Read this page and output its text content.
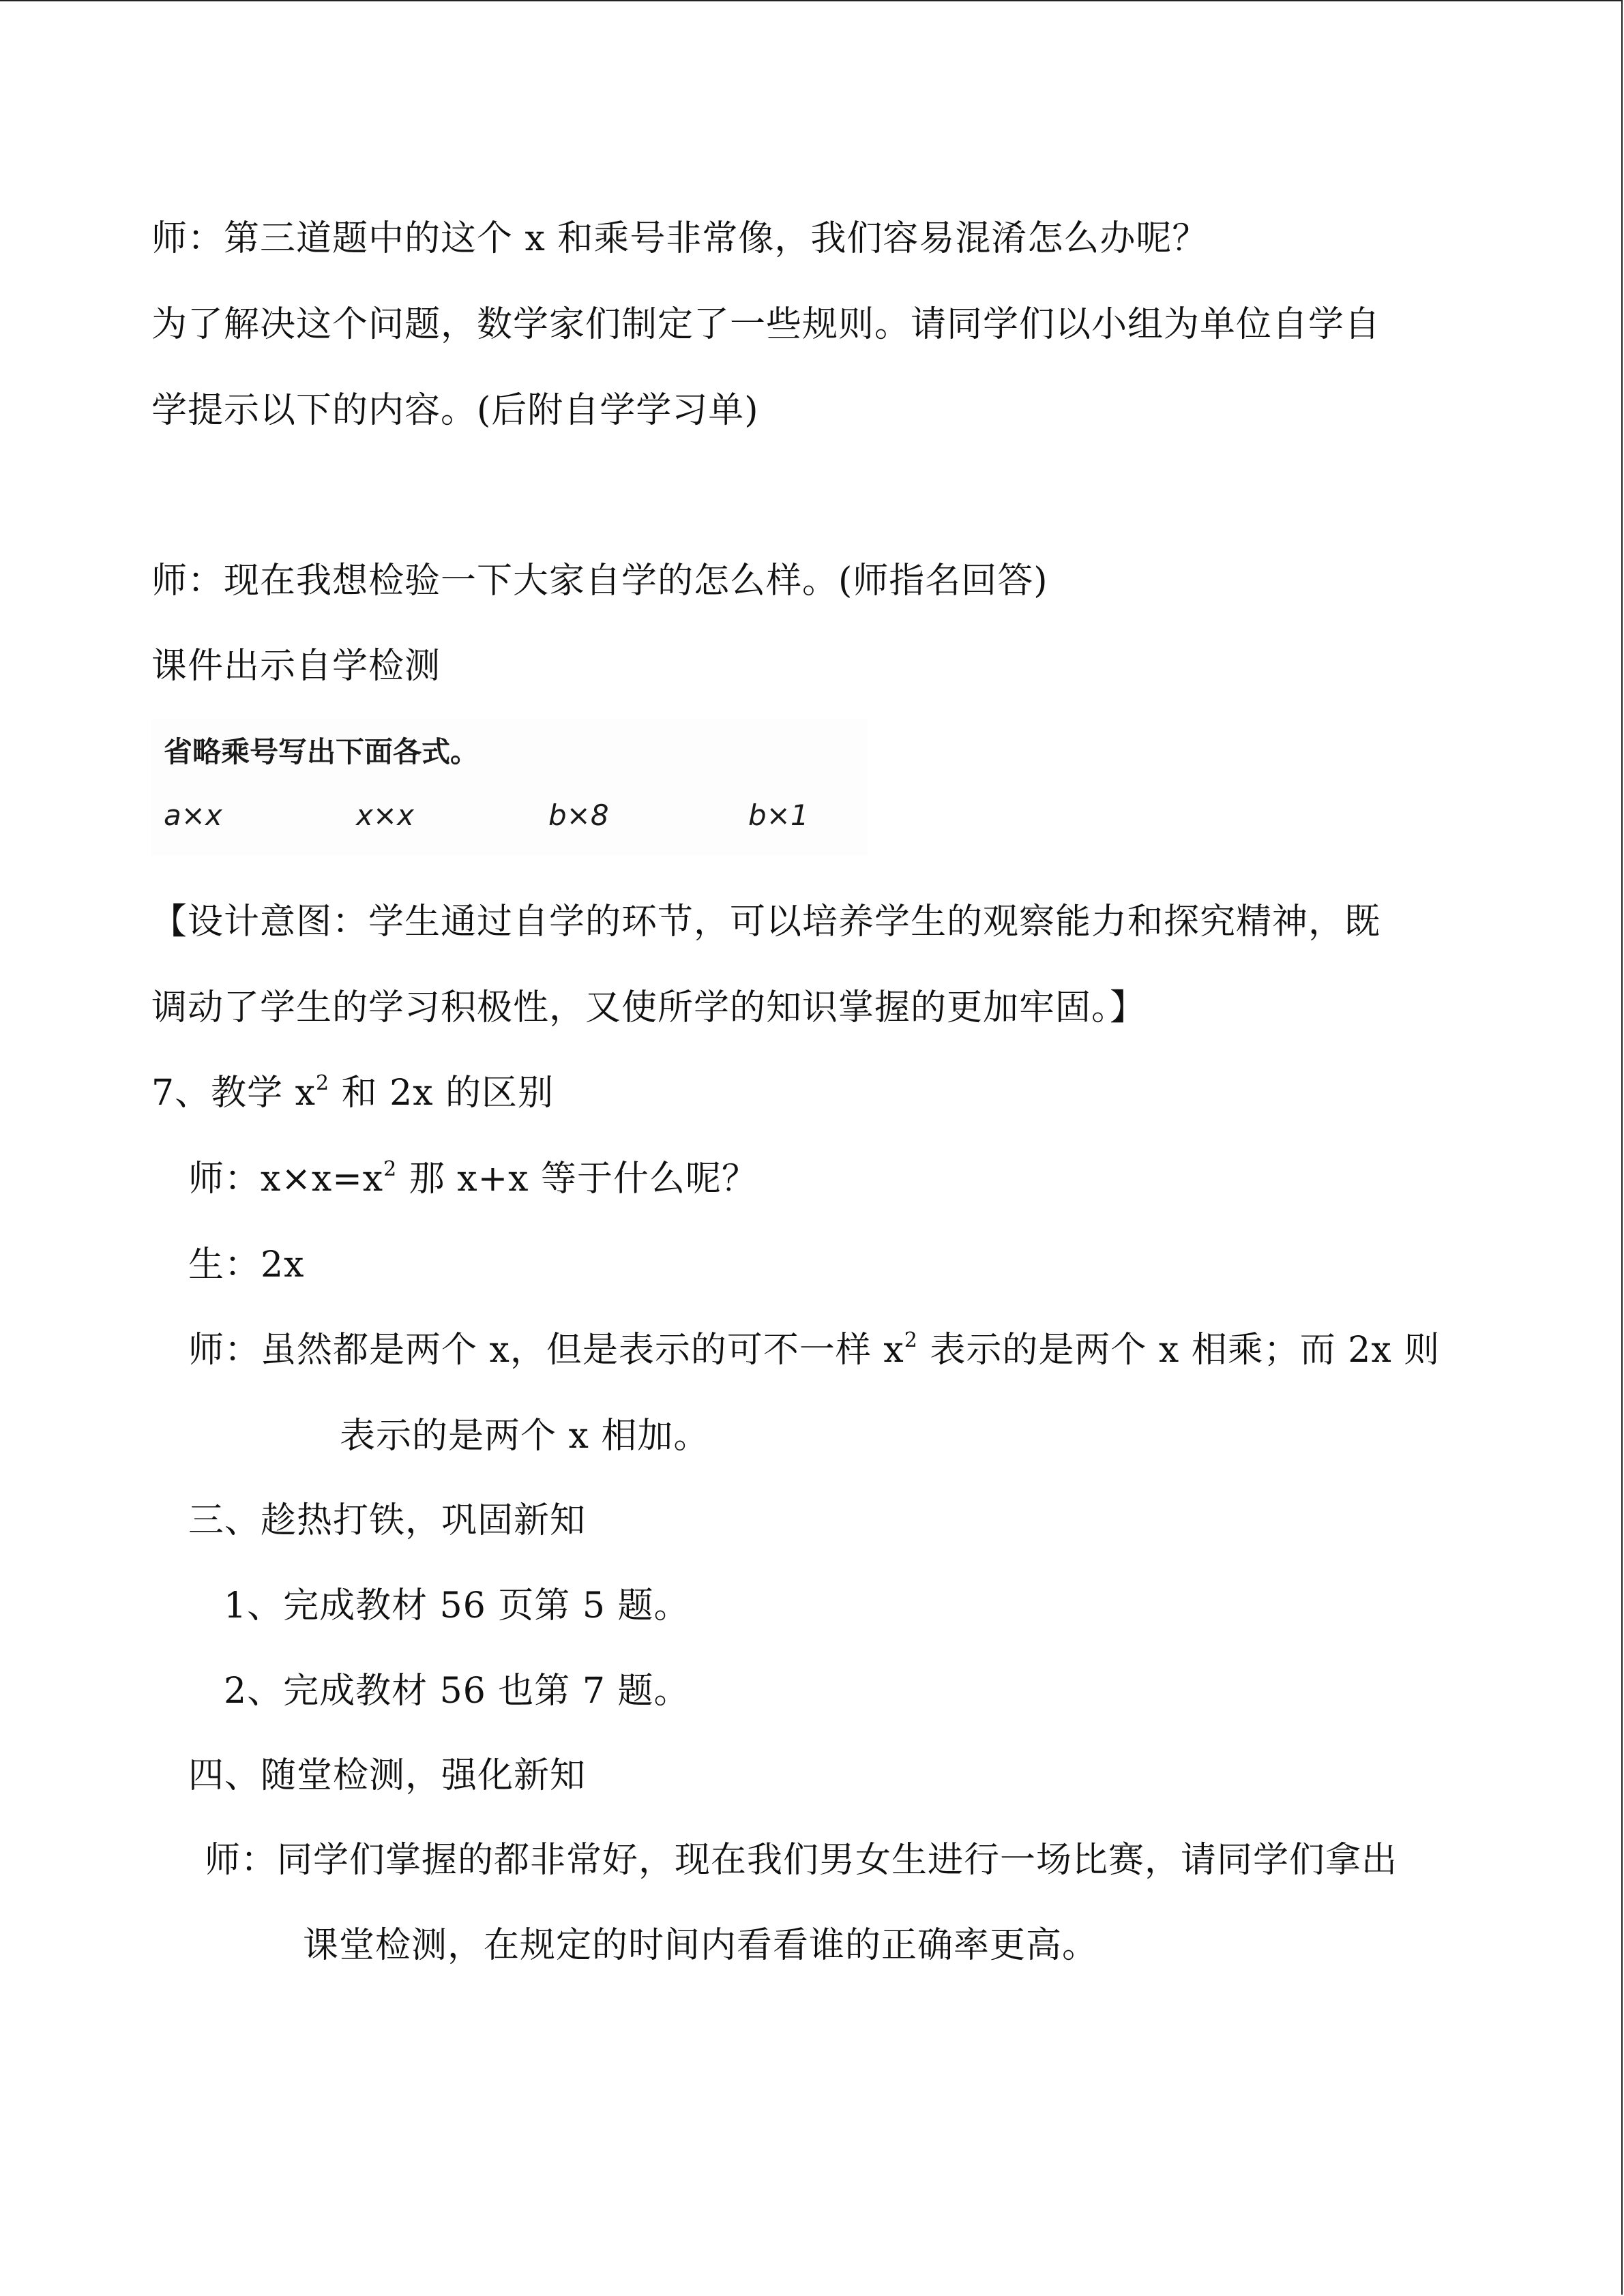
师：第三道题中的这个 x 和乘号非常像，我们容易混淆怎么办呢？
为了解决这个问题，数学家们制定了一些规则。请同学们以小组为单位自学自
学提示以下的内容。(后附自学学习单)
师：现在我想检验一下大家自学的怎么样。(师指名回答)
课件出示自学检测
省略乘号写出下面各式。
a×x	x×x	b×8	b×1
【设计意图：学生通过自学的环节，可以培养学生的观察能力和探究精神，既
调动了学生的学习积极性，又使所学的知识掌握的更加牢固。】
7、教学 $x^2$ 和 2x 的区别
师：$x\times x=x^2$ 那 x+x 等于什么呢？
生：2x
师：虽然都是两个 x，但是表示的可不一样 $x^2$ 表示的是两个 x 相乘；而 2x 则
表示的是两个 x 相加。
三、趁热打铁，巩固新知
1、完成教材 56 页第 5 题。
2、完成教材 56 也第 7 题。
四、随堂检测，强化新知
师：同学们掌握的都非常好，现在我们男女生进行一场比赛，请同学们拿出
课堂检测，在规定的时间内看看谁的正确率更高。
